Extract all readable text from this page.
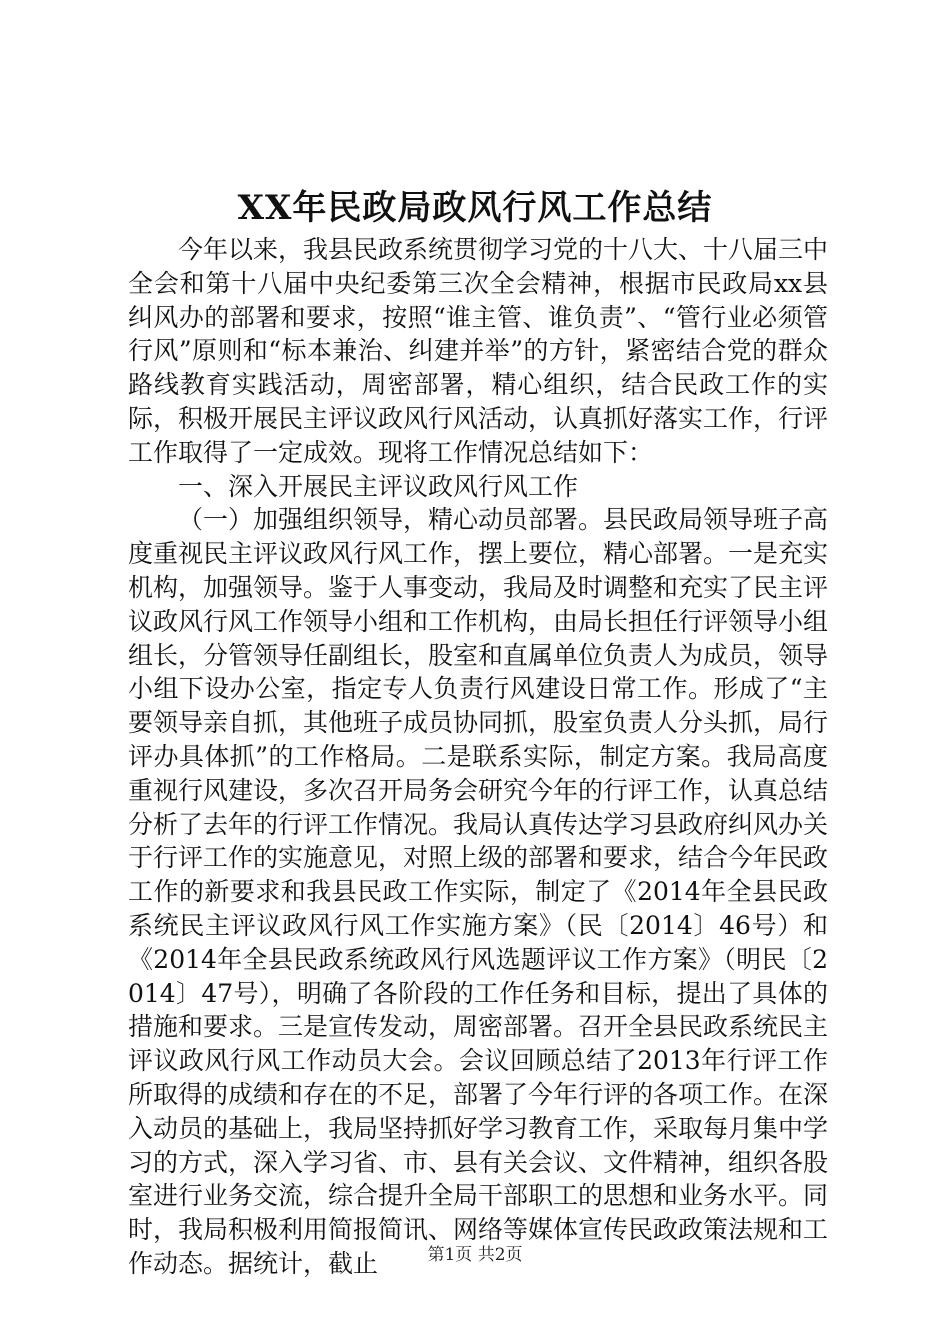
XX年民政局政风行风工作总结

今年以来，我县民政系统贯彻学习党的十八大、十八届三中全会和第十八届中央纪委第三次全会精神，根据市民政局xx县纠风办的部署和要求，按照“谁主管、谁负责”、“管行业必须管行风”原则和“标本兼治、纠建并举”的方针，紧密结合党的群众路线教育实践活动，周密部署，精心组织，结合民政工作的实际，积极开展民主评议政风行风活动，认真抓好落实工作，行评工作取得了一定成效。现将工作情况总结如下：

一、深入开展民主评议政风行风工作

（一）加强组织领导，精心动员部署。县民政局领导班子高度重视民主评议政风行风工作，摆上要位，精心部署。一是充实机构，加强领导。鉴于人事变动，我局及时调整和充实了民主评议政风行风工作领导小组和工作机构，由局长担任行评领导小组组长，分管领导任副组长，股室和直属单位负责人为成员，领导小组下设办公室，指定专人负责行风建设日常工作。形成了“主要领导亲自抓，其他班子成员协同抓，股室负责人分头抓，局行评办具体抓”的工作格局。二是联系实际，制定方案。我局高度重视行风建设，多次召开局务会研究今年的行评工作，认真总结分析了去年的行评工作情况。我局认真传达学习县政府纠风办关于行评工作的实施意见，对照上级的部署和要求，结合今年民政工作的新要求和我县民政工作实际，制定了《2014年全县民政系统民主评议政风行风工作实施方案》（民〔2014〕46号）和《2014年全县民政系统政风行风选题评议工作方案》（明民〔2014〕47号），明确了各阶段的工作任务和目标，提出了具体的措施和要求。三是宣传发动，周密部署。召开全县民政系统民主评议政风行风工作动员大会。会议回顾总结了2013年行评工作所取得的成绩和存在的不足，部署了今年行评的各项工作。在深入动员的基础上，我局坚持抓好学习教育工作，采取每月集中学习的方式，深入学习省、市、县有关会议、文件精神，组织各股室进行业务交流，综合提升全局干部职工的思想和业务水平。同时，我局积极利用简报简讯、网络等媒体宣传民政政策法规和工作动态。据统计，截止	第1页 共2页
